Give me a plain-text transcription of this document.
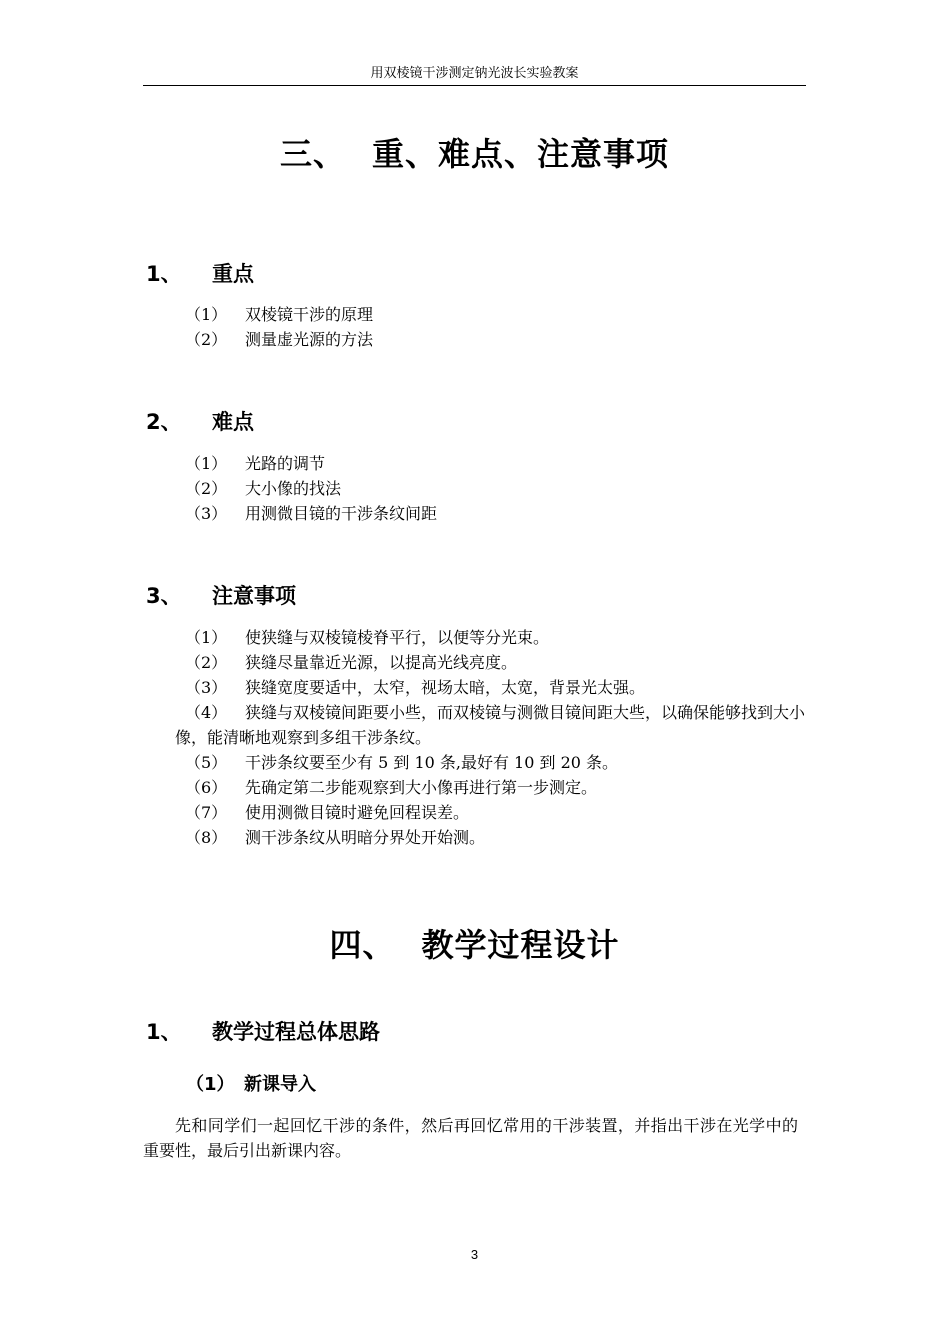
用双棱镜干涉测定钠光波长实验教案
三、 重、难点、注意事项
1、 重点
（1） 双棱镜干涉的原理
（2） 测量虚光源的方法
2、 难点
（1） 光路的调节
（2） 大小像的找法
（3） 用测微目镜的干涉条纹间距
3、 注意事项
（1） 使狭缝与双棱镜棱脊平行，以便等分光束。
（2） 狭缝尽量靠近光源，以提高光线亮度。
（3） 狭缝宽度要适中，太窄，视场太暗，太宽，背景光太强。
（4） 狭缝与双棱镜间距要小些，而双棱镜与测微目镜间距大些，以确保能够找到大小像，能清晰地观察到多组干涉条纹。
（5） 干涉条纹要至少有 5 到 10 条,最好有 10 到 20 条。
（6） 先确定第二步能观察到大小像再进行第一步测定。
（7） 使用测微目镜时避免回程误差。
（8） 测干涉条纹从明暗分界处开始测。
四、 教学过程设计
1、 教学过程总体思路
（1） 新课导入

先和同学们一起回忆干涉的条件，然后再回忆常用的干涉装置，并指出干涉在光学中的重要性，最后引出新课内容。

3
